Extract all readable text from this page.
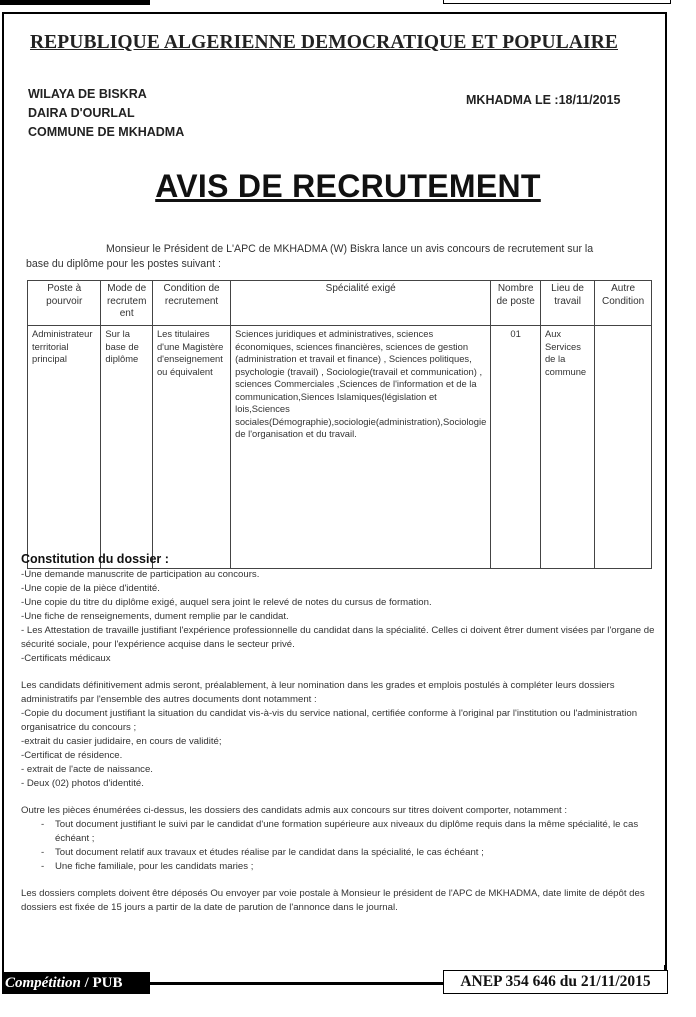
REPUBLIQUE ALGERIENNE DEMOCRATIQUE ET POPULAIRE
WILAYA DE BISKRA
DAIRA D'OURLAL
COMMUNE DE MKHADMA
MKHADMA LE :18/11/2015
AVIS DE RECRUTEMENT
Monsieur le Président de L'APC de MKHADMA (W) Biskra lance un avis concours de recrutement sur la
base du diplôme pour les postes suivant :
Poste à pourvoir	Mode de recrutem ent	Condition de recrutement	Spécialité exigé	Nombre de poste	Lieu de travail	Autre Condition
Administrateur territorial principal	Sur la base de diplôme	Les titulaires d'une Magistère d'enseignement ou équivalent	Sciences juridiques et administratives, sciences économiques, sciences financières, sciences de gestion (administration et travail et finance) , Sciences politiques, psychologie (travail) , Sociologie(travail et communication) , sciences Commerciales ,Sciences de l'information et de la communication,Siences Islamiques(législation et lois,Sciences sociales(Démographie),sociologie(administration),Sociologie de l'organisation et du travail.	01	Aux Services de la commune	
Constitution du dossier :

-Une demande manuscrite de participation au concours.

-Une copie de la pièce d'identité.

-Une copie du titre du diplôme exigé, auquel sera joint le relevé de notes du cursus de formation.

-Une fiche de renseignements, dument remplie par le candidat.

- Les Attestation de travaille justifiant l'expérience professionnelle du candidat dans la spécialité. Celles ci doivent êtrer dument visées par l'organe de sécurité sociale, pour l'expérience acquise dans le secteur privé.

-Certificats médicaux

Les candidats définitivement admis seront, préalablement, à leur nomination dans les grades et emplois postulés à compléter leurs dossiers administratifs par l'ensemble des autres documents dont notamment :

-Copie du document justifiant la situation du candidat vis-à-vis du service national, certifiée conforme à l'original par l'institution ou l'administration organisatrice du concours ;

-extrait du casier judidaire, en cours de validité;

-Certificat de résidence.

- extrait de l'acte de naissance.

- Deux (02) photos d'identité.

Outre les pièces énumérées ci-dessus, les dossiers des candidats admis aux concours sur titres doivent comporter, notamment :

- Tout document justifiant le suivi par le candidat d'une formation supérieure aux niveaux du diplôme requis dans la même spécialité, le cas échéant ;
- Tout document relatif aux travaux et études réalise par le candidat dans la spécialité, le cas échéant ;
- Une fiche familiale, pour les candidats maries ;

Les dossiers complets doivent être déposés Ou envoyer par voie postale à Monsieur le président de l'APC de MKHADMA, date limite de dépôt des dossiers est fixée de 15 jours a partir de la date de parution de l'annonce dans le journal.

Compétition / PUB	ANEP 354 646 du 21/11/2015
